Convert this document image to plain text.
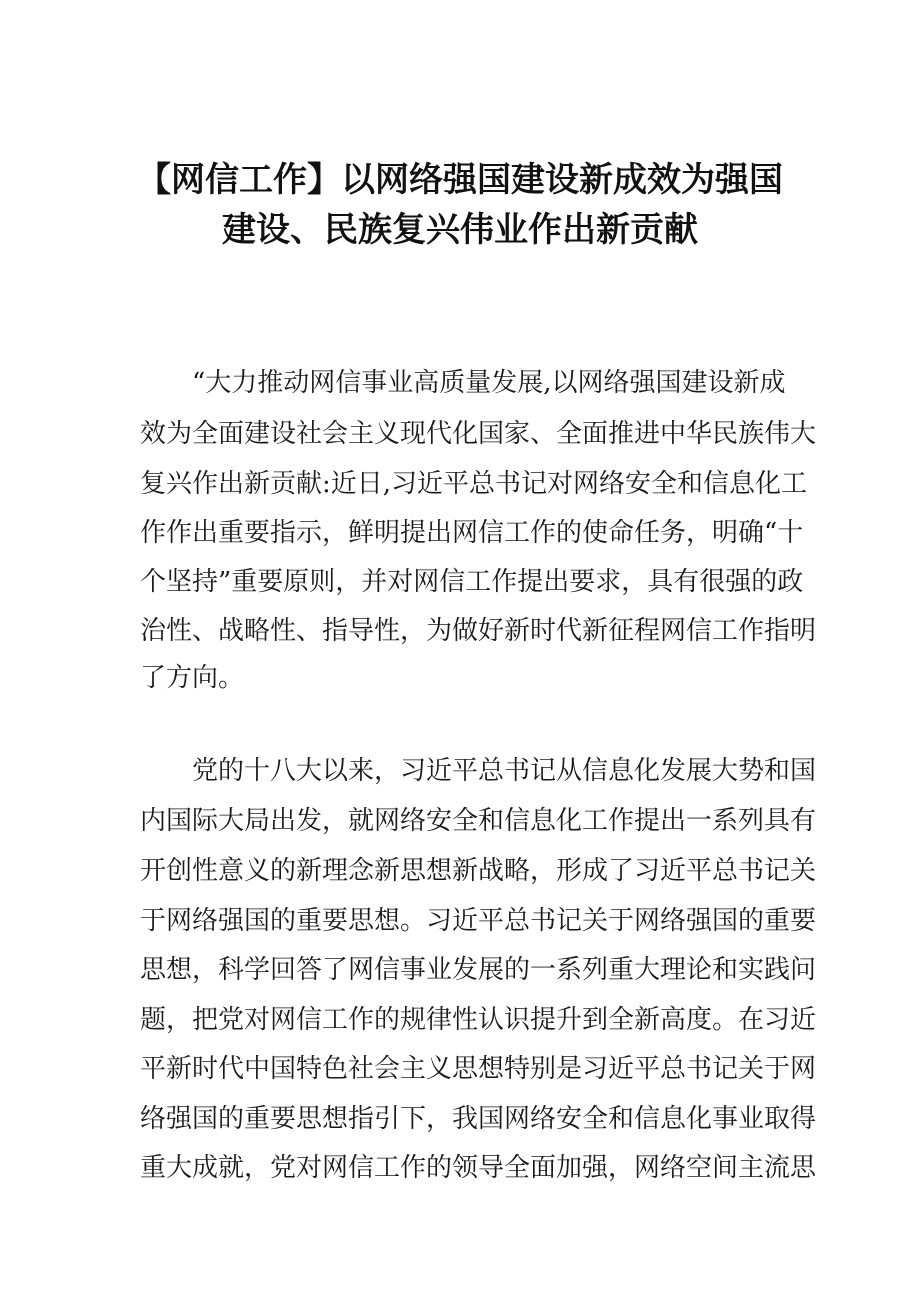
【网信工作】以网络强国建设新成效为强国
建设、民族复兴伟业作出新贡献
“大力推动网信事业高质量发展,以网络强国建设新成
效为全面建设社会主义现代化国家、全面推进中华民族伟大
复兴作出新贡献:近日,习近平总书记对网络安全和信息化工
作作出重要指示，鲜明提出网信工作的使命任务，明确“十
个坚持”重要原则，并对网信工作提出要求，具有很强的政
治性、战略性、指导性，为做好新时代新征程网信工作指明
了方向。
党的十八大以来，习近平总书记从信息化发展大势和国
内国际大局出发，就网络安全和信息化工作提出一系列具有
开创性意义的新理念新思想新战略，形成了习近平总书记关
于网络强国的重要思想。习近平总书记关于网络强国的重要
思想，科学回答了网信事业发展的一系列重大理论和实践问
题，把党对网信工作的规律性认识提升到全新高度。在习近
平新时代中国特色社会主义思想特别是习近平总书记关于网
络强国的重要思想指引下，我国网络安全和信息化事业取得
重大成就，党对网信工作的领导全面加强，网络空间主流思
